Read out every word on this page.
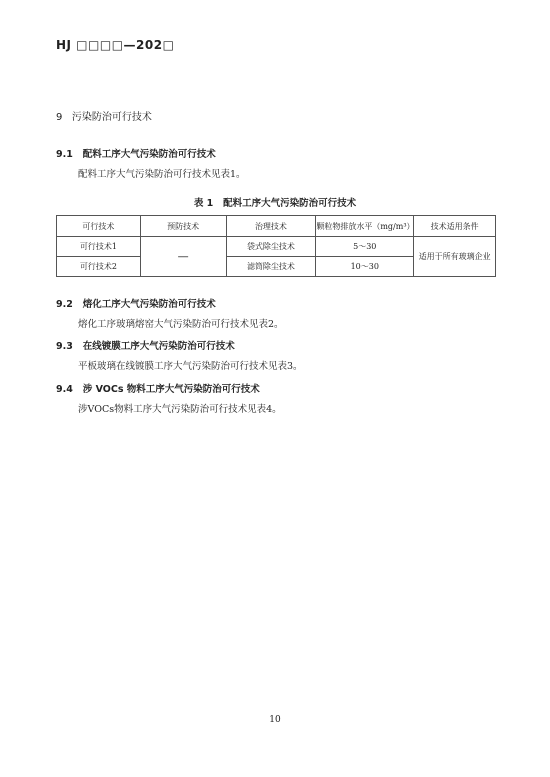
HJ □□□□—202□
9 污染防治可行技术
9.1 配料工序大气污染防治可行技术
配料工序大气污染防治可行技术见表1。
表 1 配料工序大气污染防治可行技术
可行技术	预防技术	治理技术	颗粒物排放水平（mg/m³）	技术适用条件
可行技术1	—	袋式除尘技术	5～30	适用于所有玻璃企业
可行技术2		滤筒除尘技术	10～30	
9.2 熔化工序大气污染防治可行技术
熔化工序玻璃熔窑大气污染防治可行技术见表2。
9.3 在线镀膜工序大气污染防治可行技术
平板玻璃在线镀膜工序大气污染防治可行技术见表3。
9.4 涉 VOCs 物料工序大气污染防治可行技术
涉VOCs物料工序大气污染防治可行技术见表4。
10
